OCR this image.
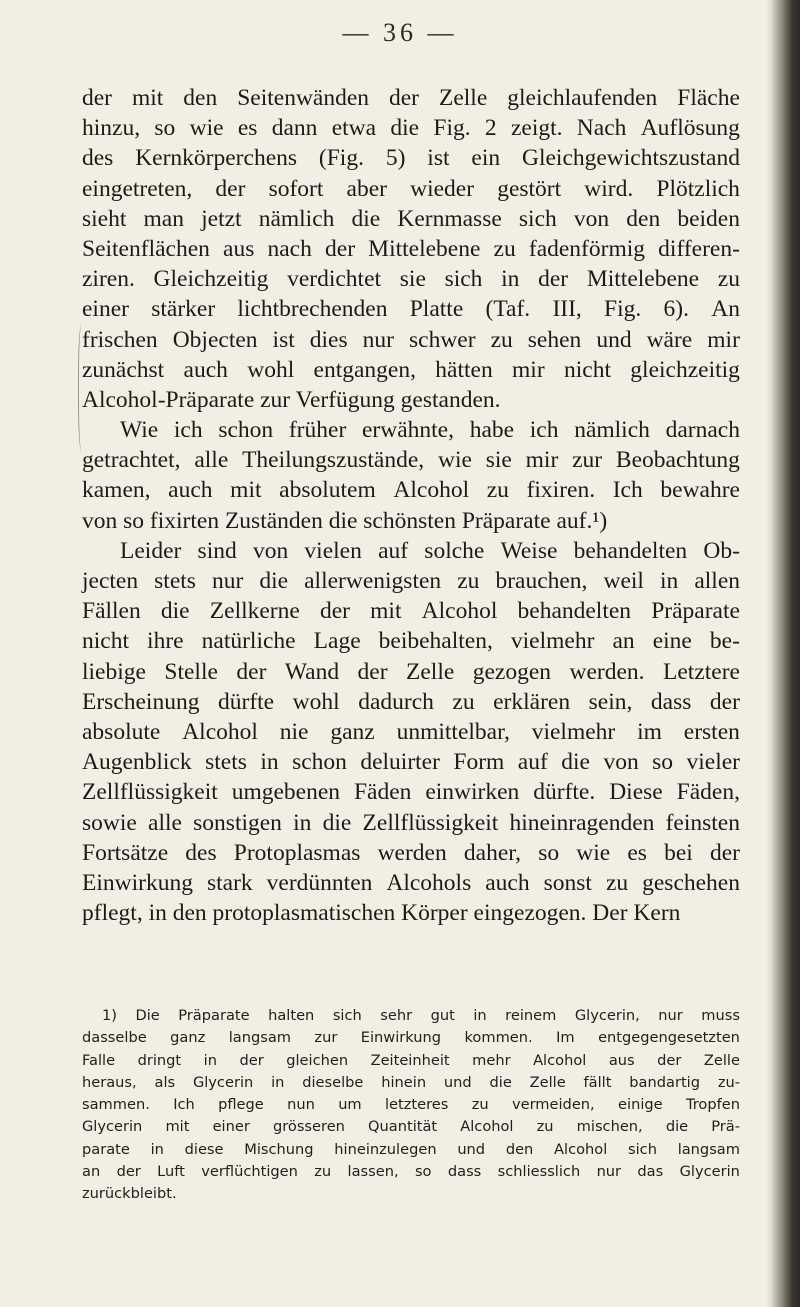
— 36 —
der mit den Seitenwänden der Zelle gleichlaufenden Fläche
hinzu, so wie es dann etwa die Fig. 2 zeigt. Nach Auflösung
des Kernkörperchens (Fig. 5) ist ein Gleichgewichtszustand
eingetreten, der sofort aber wieder gestört wird. Plötzlich
sieht man jetzt nämlich die Kernmasse sich von den beiden
Seitenflächen aus nach der Mittelebene zu fadenförmig differen-
ziren. Gleichzeitig verdichtet sie sich in der Mittelebene zu
einer stärker lichtbrechenden Platte (Taf. III, Fig. 6). An
frischen Objecten ist dies nur schwer zu sehen und wäre mir
zunächst auch wohl entgangen, hätten mir nicht gleichzeitig
Alcohol-Präparate zur Verfügung gestanden.
Wie ich schon früher erwähnte, habe ich nämlich darnach
getrachtet, alle Theilungszustände, wie sie mir zur Beobachtung
kamen, auch mit absolutem Alcohol zu fixiren. Ich bewahre
von so fixirten Zuständen die schönsten Präparate auf.¹)
Leider sind von vielen auf solche Weise behandelten Ob-
jecten stets nur die allerwenigsten zu brauchen, weil in allen
Fällen die Zellkerne der mit Alcohol behandelten Präparate
nicht ihre natürliche Lage beibehalten, vielmehr an eine be-
liebige Stelle der Wand der Zelle gezogen werden. Letztere
Erscheinung dürfte wohl dadurch zu erklären sein, dass der
absolute Alcohol nie ganz unmittelbar, vielmehr im ersten
Augenblick stets in schon deluirter Form auf die von so vieler
Zellflüssigkeit umgebenen Fäden einwirken dürfte. Diese Fäden,
sowie alle sonstigen in die Zellflüssigkeit hineinragenden feinsten
Fortsätze des Protoplasmas werden daher, so wie es bei der
Einwirkung stark verdünnten Alcohols auch sonst zu geschehen
pflegt, in den protoplasmatischen Körper eingezogen. Der Kern
1) Die Präparate halten sich sehr gut in reinem Glycerin, nur muss
dasselbe ganz langsam zur Einwirkung kommen. Im entgegengesetzten
Falle dringt in der gleichen Zeiteinheit mehr Alcohol aus der Zelle
heraus, als Glycerin in dieselbe hinein und die Zelle fällt bandartig zu-
sammen. Ich pflege nun um letzteres zu vermeiden, einige Tropfen
Glycerin mit einer grösseren Quantität Alcohol zu mischen, die Prä-
parate in diese Mischung hineinzulegen und den Alcohol sich langsam
an der Luft verflüchtigen zu lassen, so dass schliesslich nur das Glycerin
zurückbleibt.
